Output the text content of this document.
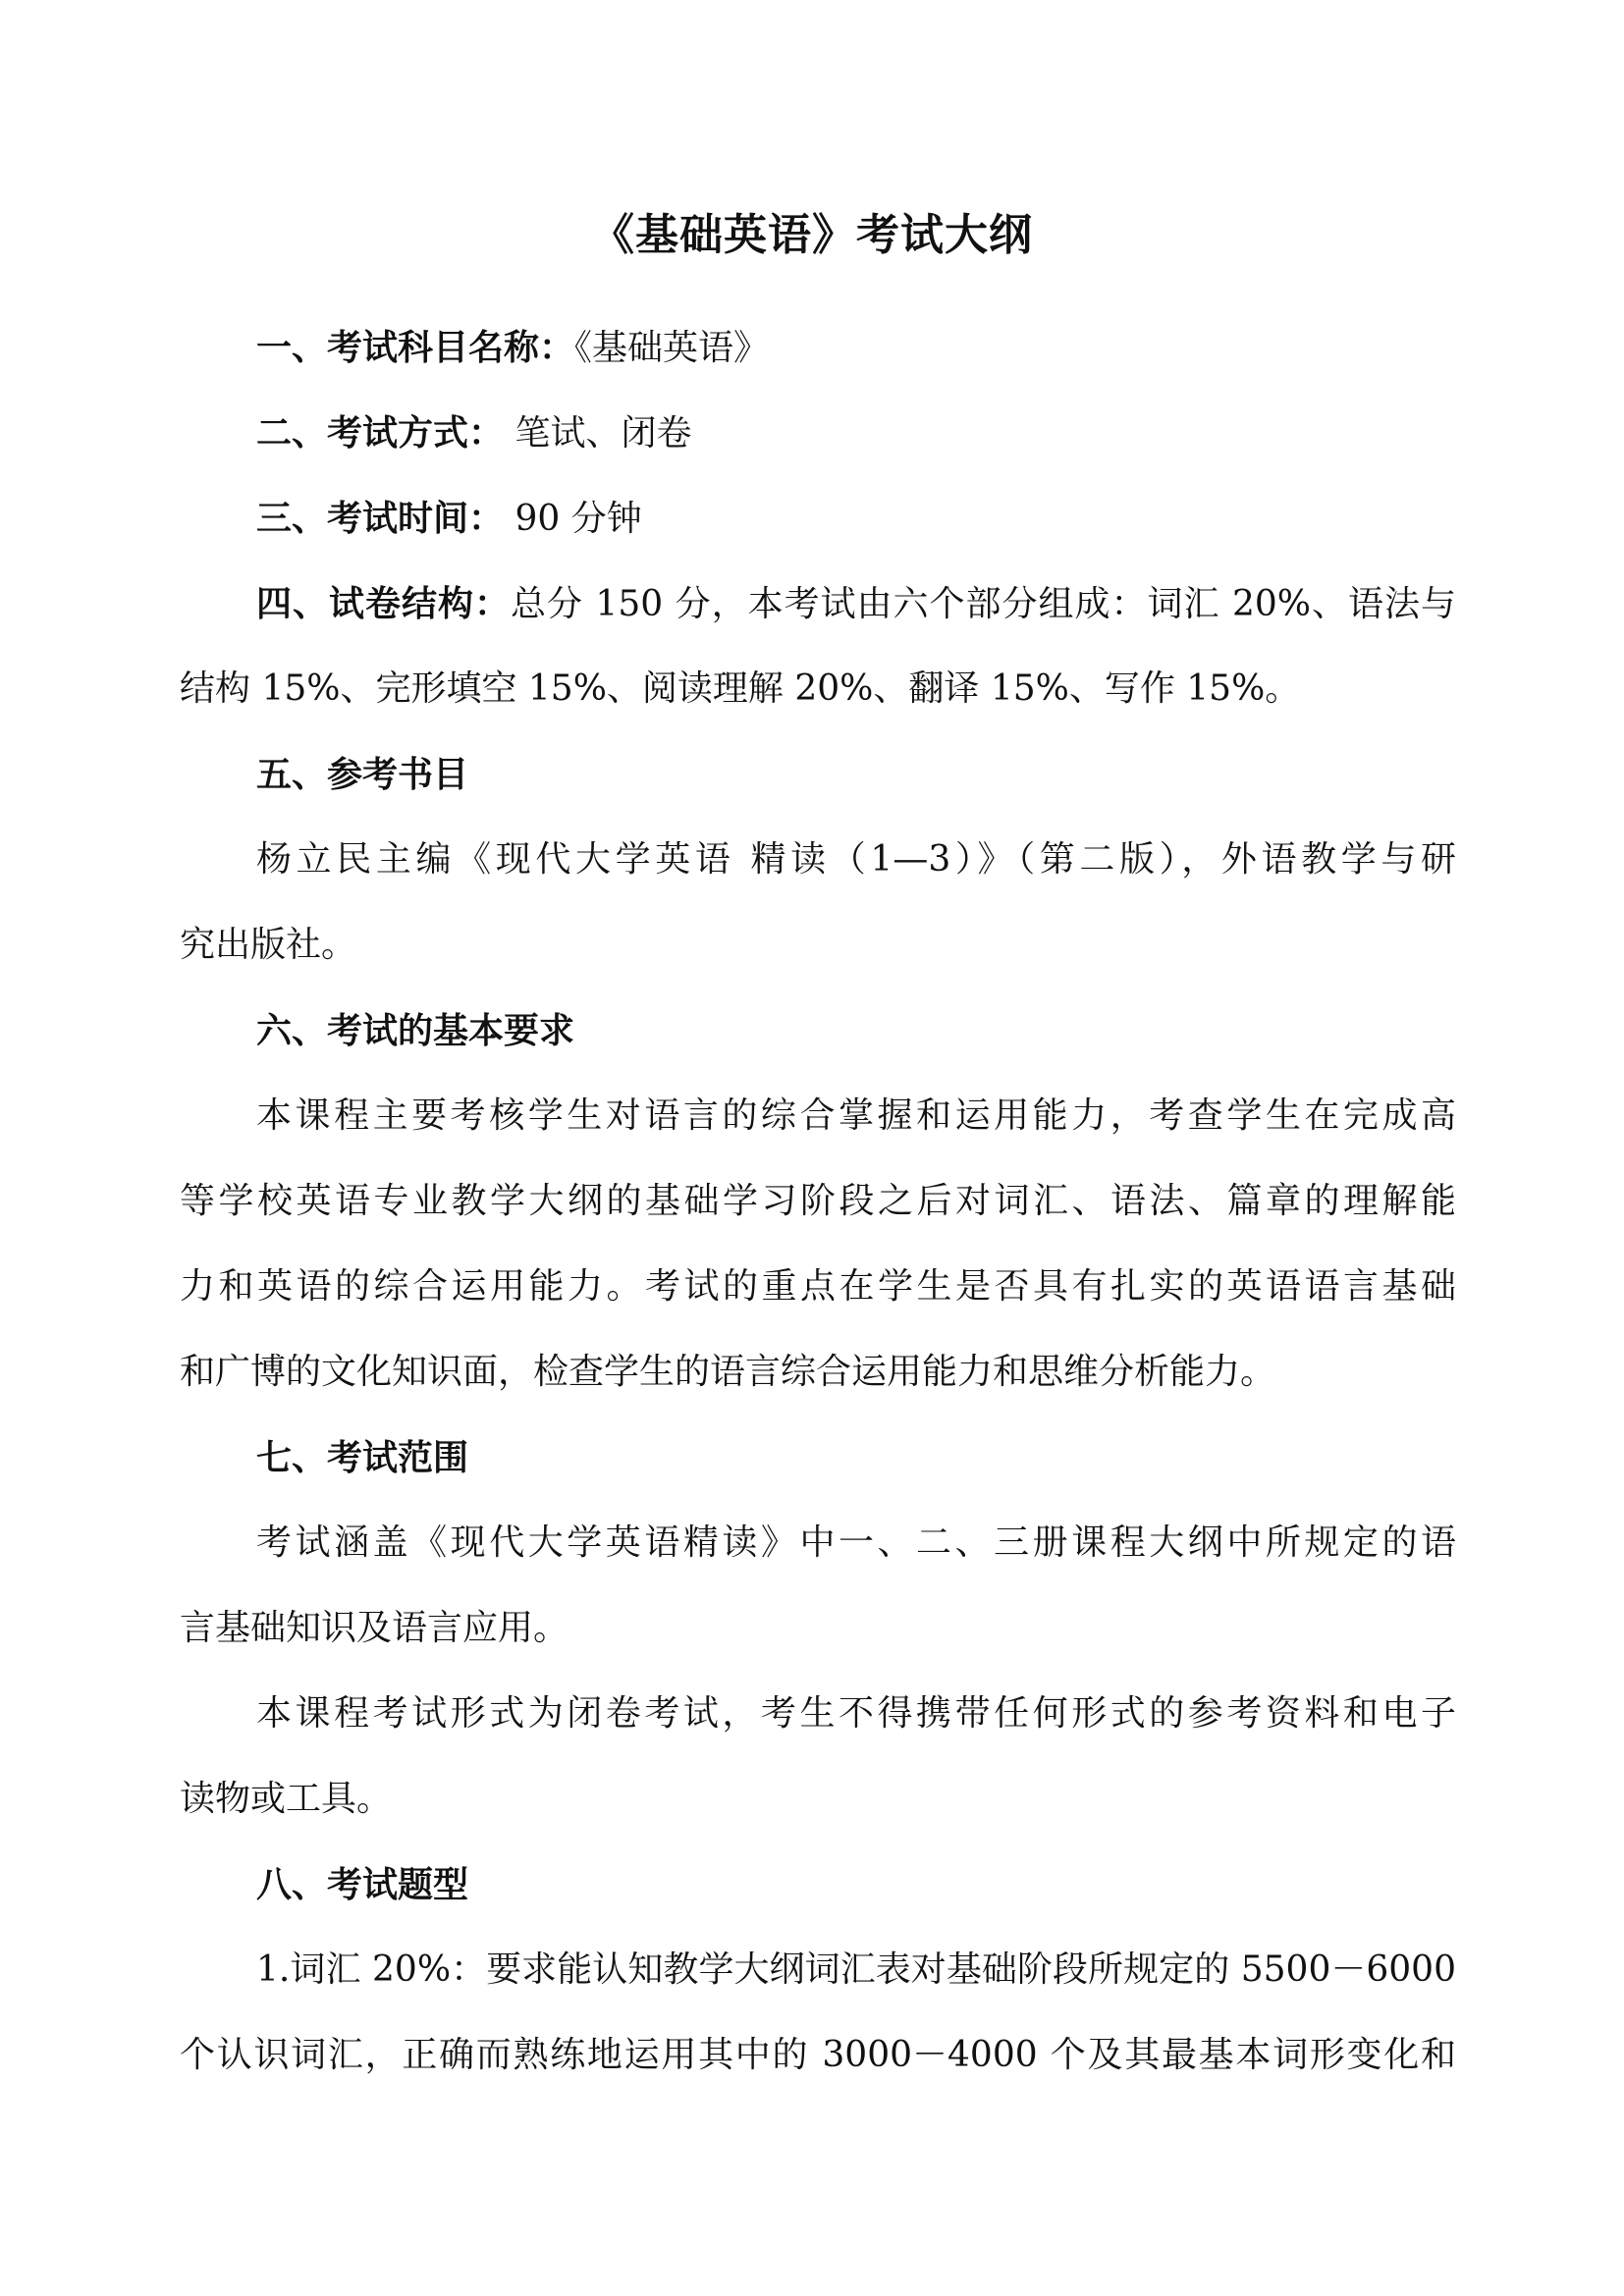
《基础英语》考试大纲
一、考试科目名称：《基础英语》
二、考试方式： 笔试、闭卷
三、考试时间： 90 分钟
四、试卷结构：总分 150 分，本考试由六个部分组成：词汇 20%、语法与
结构 15%、完形填空 15%、阅读理解 20%、翻译 15%、写作 15%。
五、参考书目
杨立民主编《现代大学英语 精读（1—3）》（第二版），外语教学与研
究出版社。
六、考试的基本要求
本课程主要考核学生对语言的综合掌握和运用能力，考查学生在完成高
等学校英语专业教学大纲的基础学习阶段之后对词汇、语法、篇章的理解能
力和英语的综合运用能力。考试的重点在学生是否具有扎实的英语语言基础
和广博的文化知识面，检查学生的语言综合运用能力和思维分析能力。
七、考试范围
考试涵盖《现代大学英语精读》中一、二、三册课程大纲中所规定的语
言基础知识及语言应用。
本课程考试形式为闭卷考试，考生不得携带任何形式的参考资料和电子
读物或工具。
八、考试题型
1.词汇 20%：要求能认知教学大纲词汇表对基础阶段所规定的 5500－6000
个认识词汇，正确而熟练地运用其中的 3000－4000 个及其最基本词形变化和
